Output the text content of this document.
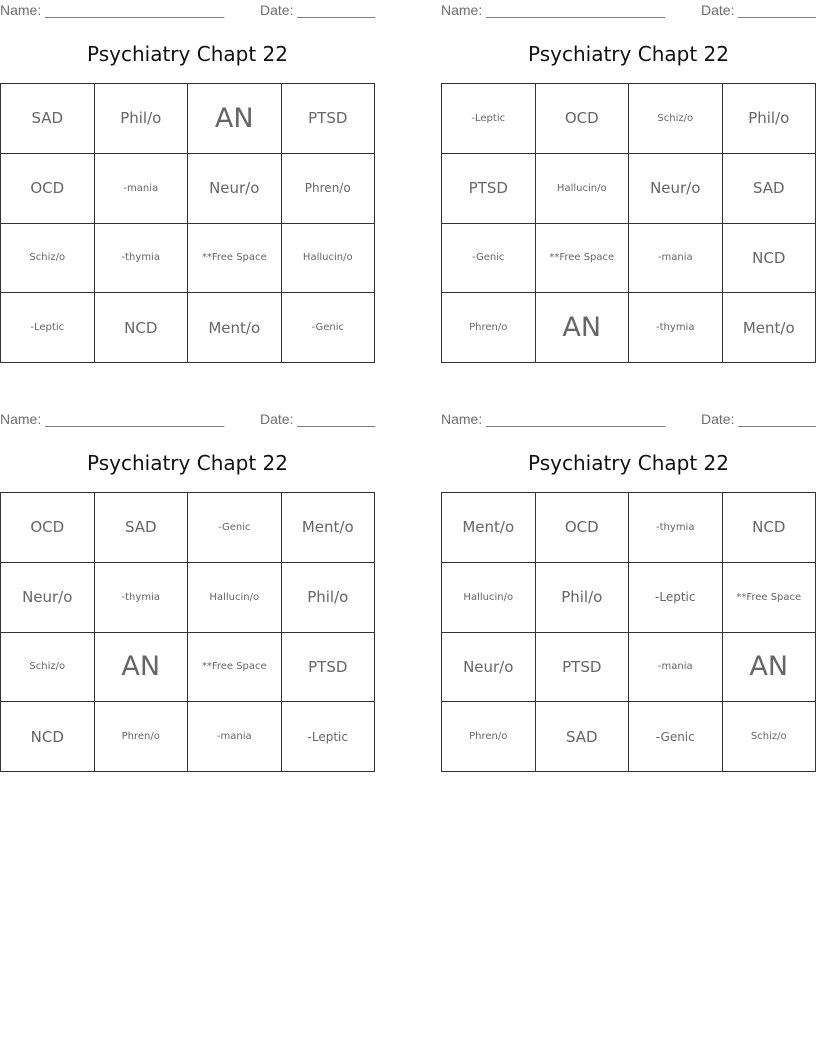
Name: _______________________	Date: __________
Psychiatry Chapt 22
SAD	Phil/o	AN	PTSD
OCD	-mania	Neur/o	Phren/o
Schiz/o	-thymia	**Free Space	Hallucin/o
-Leptic	NCD	Ment/o	-Genic
Name: _______________________	Date: __________
Psychiatry Chapt 22
-Leptic	OCD	Schiz/o	Phil/o
PTSD	Hallucin/o	Neur/o	SAD
-Genic	**Free Space	-mania	NCD
Phren/o	AN	-thymia	Ment/o
Name: _______________________	Date: __________
Psychiatry Chapt 22
OCD	SAD	-Genic	Ment/o
Neur/o	-thymia	Hallucin/o	Phil/o
Schiz/o	AN	**Free Space	PTSD
NCD	Phren/o	-mania	-Leptic
Name: _______________________	Date: __________
Psychiatry Chapt 22
Ment/o	OCD	-thymia	NCD
Hallucin/o	Phil/o	-Leptic	**Free Space
Neur/o	PTSD	-mania	AN
Phren/o	SAD	-Genic	Schiz/o
